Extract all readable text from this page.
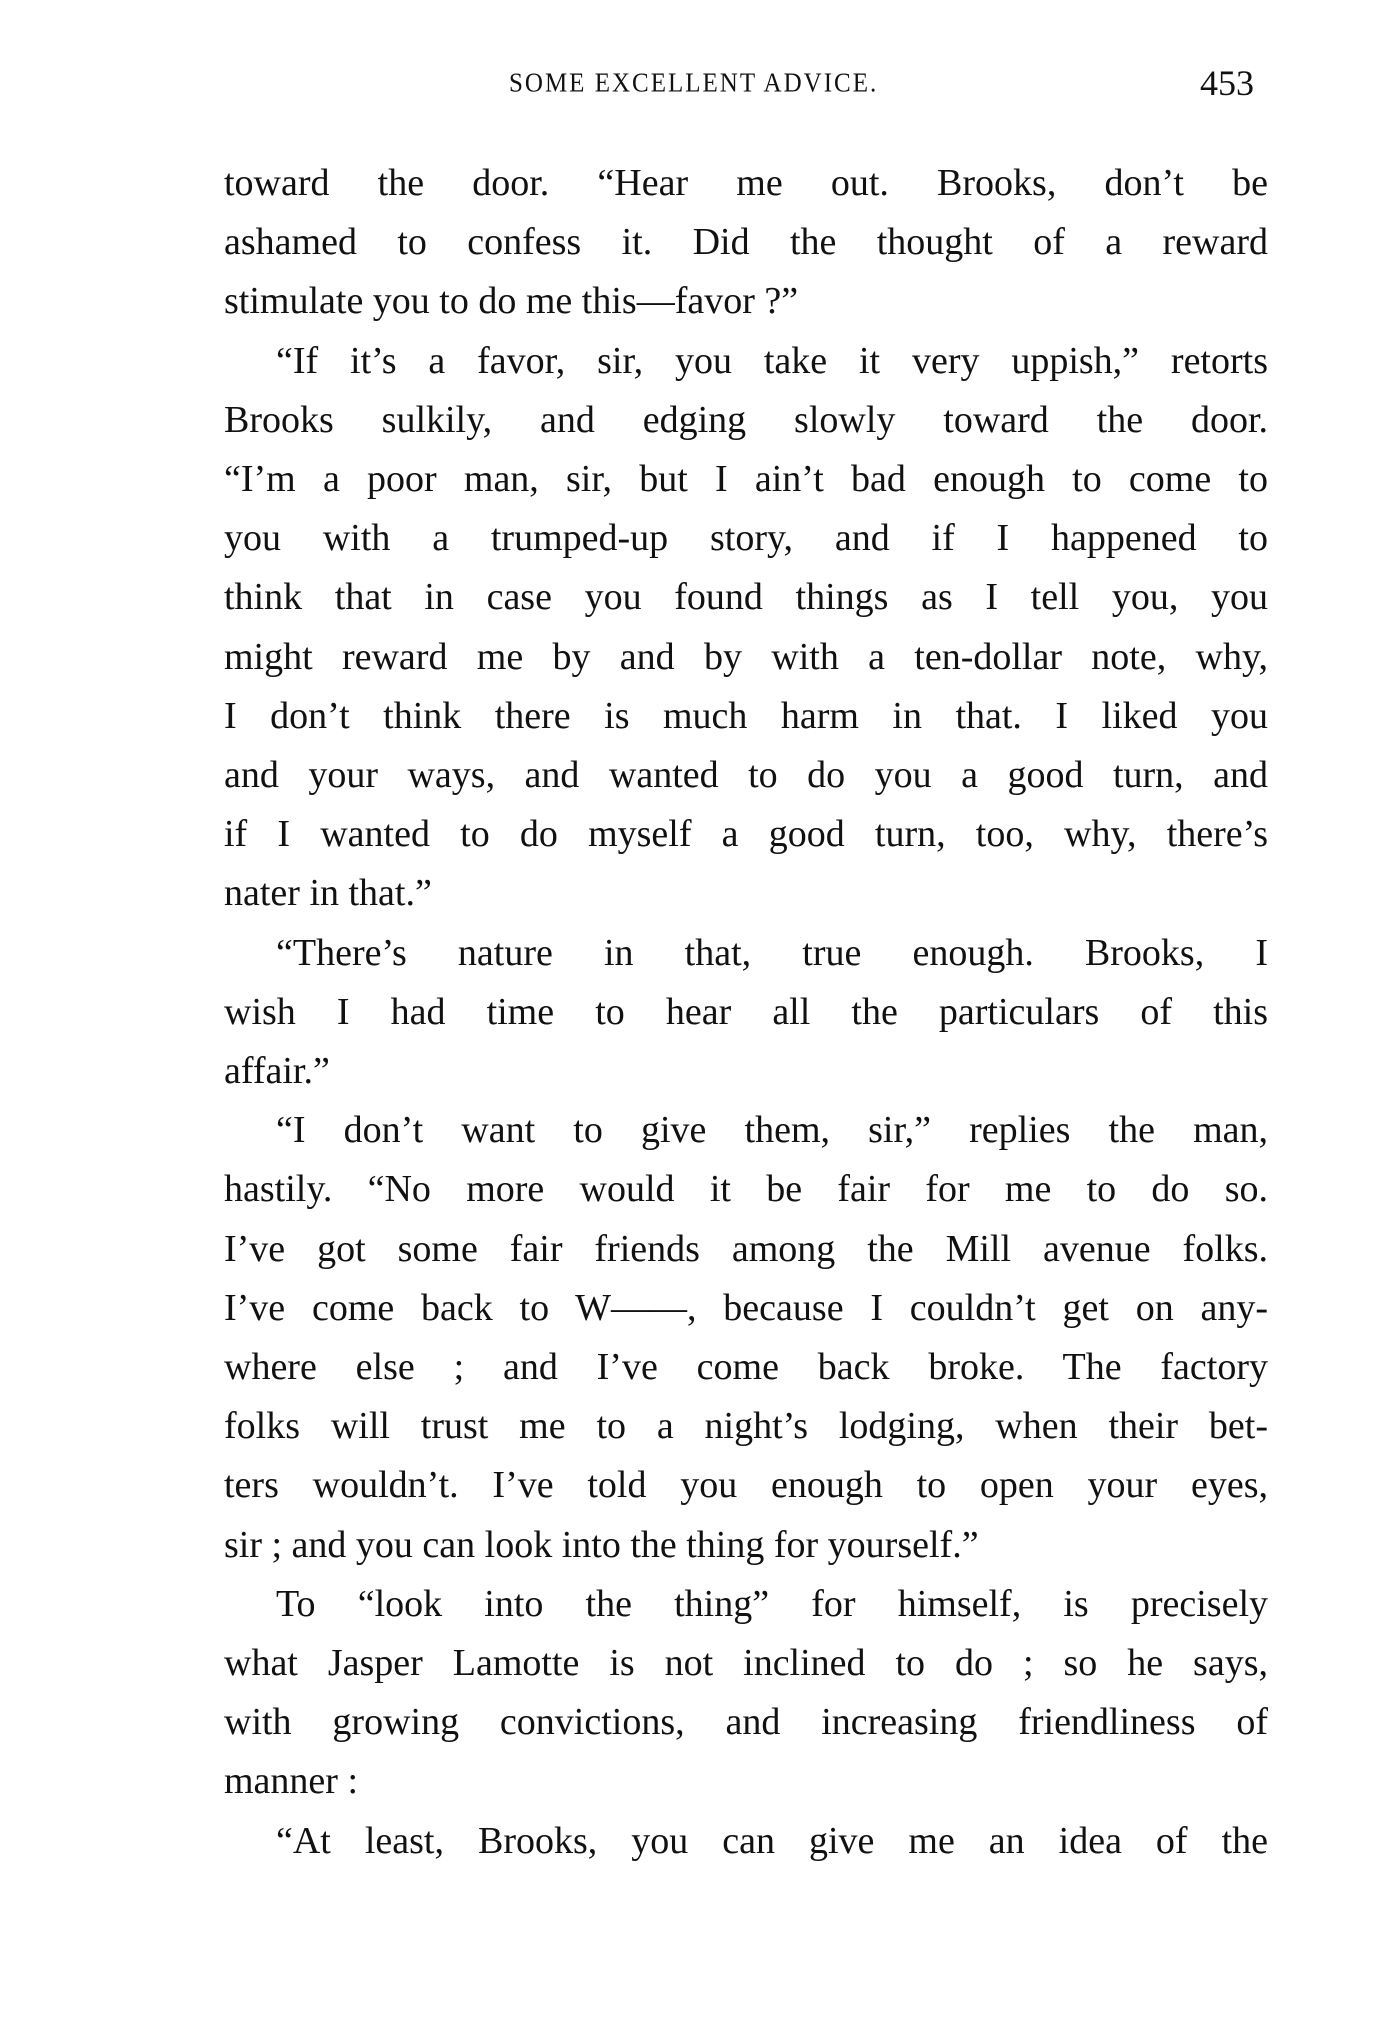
SOME EXCELLENT ADVICE.	453
toward the door. “Hear me out. Brooks, don’t be
ashamed to confess it. Did the thought of a reward
stimulate you to do me this—favor ?”
“If it’s a favor, sir, you take it very uppish,” retorts
Brooks sulkily, and edging slowly toward the door.
“I’m a poor man, sir, but I ain’t bad enough to come to
you with a trumped-up story, and if I happened to
think that in case you found things as I tell you, you
might reward me by and by with a ten-dollar note, why,
I don’t think there is much harm in that. I liked you
and your ways, and wanted to do you a good turn, and
if I wanted to do myself a good turn, too, why, there’s
nater in that.”
“There’s nature in that, true enough. Brooks, I
wish I had time to hear all the particulars of this
affair.”
“I don’t want to give them, sir,” replies the man,
hastily. “No more would it be fair for me to do so.
I’ve got some fair friends among the Mill avenue folks.
I’ve come back to W——, because I couldn’t get on any-
where else ; and I’ve come back broke. The factory
folks will trust me to a night’s lodging, when their bet-
ters wouldn’t. I’ve told you enough to open your eyes,
sir ; and you can look into the thing for yourself.”
To “look into the thing” for himself, is precisely
what Jasper Lamotte is not inclined to do ; so he says,
with growing convictions, and increasing friendliness of
manner :
“At least, Brooks, you can give me an idea of the
